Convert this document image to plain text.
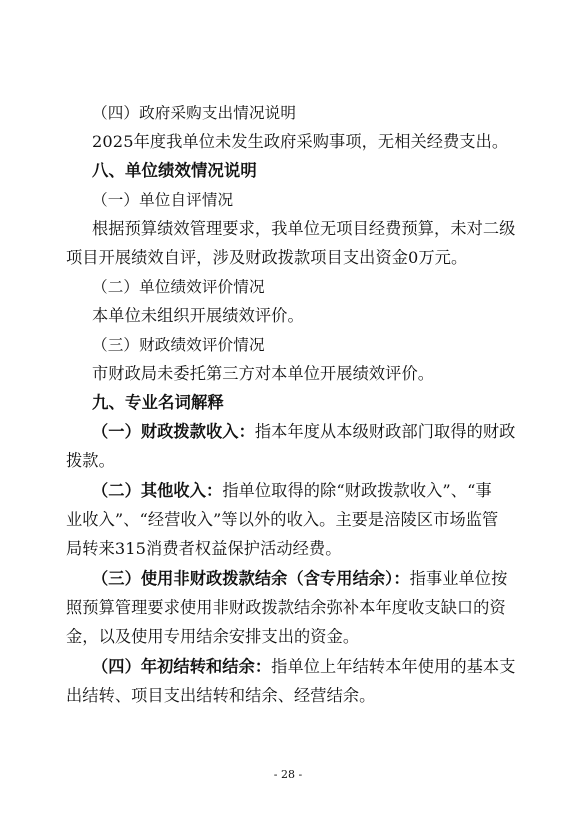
（四）政府采购支出情况说明
2025年度我单位未发生政府采购事项，无相关经费支出。
八、单位绩效情况说明
（一）单位自评情况
根据预算绩效管理要求，我单位无项目经费预算，未对二级
项目开展绩效自评，涉及财政拨款项目支出资金0万元。
（二）单位绩效评价情况
本单位未组织开展绩效评价。
（三）财政绩效评价情况
市财政局未委托第三方对本单位开展绩效评价。
九、专业名词解释
（一）财政拨款收入：指本年度从本级财政部门取得的财政
拨款。
（二）其他收入：指单位取得的除“财政拨款收入”、“事
业收入”、“经营收入”等以外的收入。主要是涪陵区市场监管
局转来315消费者权益保护活动经费。
（三）使用非财政拨款结余（含专用结余）：指事业单位按
照预算管理要求使用非财政拨款结余弥补本年度收支缺口的资
金，以及使用专用结余安排支出的资金。
（四）年初结转和结余：指单位上年结转本年使用的基本支
出结转、项目支出结转和结余、经营结余。
- 28 -
